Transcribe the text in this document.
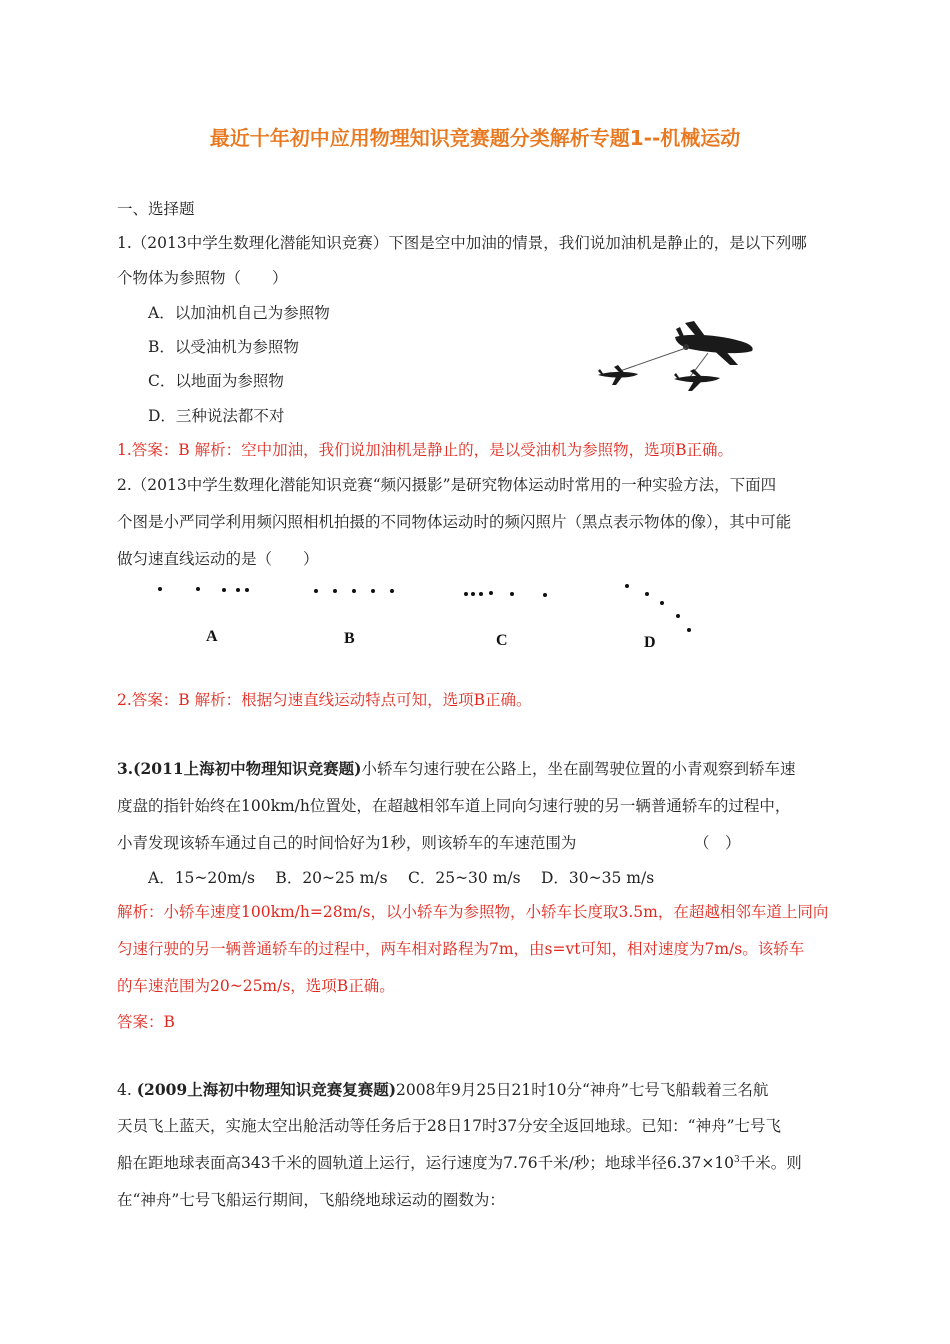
最近十年初中应用物理知识竞赛题分类解析专题1--机械运动
一、选择题
1.（2013中学生数理化潜能知识竞赛）下图是空中加油的情景，我们说加油机是静止的，是以下列哪
个物体为参照物（　　）
A．以加油机自己为参照物
B．以受油机为参照物
C．以地面为参照物
D．三种说法都不对
1.答案：B 解析：空中加油，我们说加油机是静止的，是以受油机为参照物，选项B正确。
2.（2013中学生数理化潜能知识竞赛“频闪摄影”是研究物体运动时常用的一种实验方法，下面四
个图是小严同学利用频闪照相机拍摄的不同物体运动时的频闪照片（黑点表示物体的像），其中可能
做匀速直线运动的是（　　）
A	B	C	D
2.答案：B 解析：根据匀速直线运动特点可知，选项B正确。
3.(2011上海初中物理知识竞赛题)小轿车匀速行驶在公路上，坐在副驾驶位置的小青观察到轿车速
度盘的指针始终在100km/h位置处，在超越相邻车道上同向匀速行驶的另一辆普通轿车的过程中，
小青发现该轿车通过自己的时间恰好为1秒，则该轿车的车速范围为	（　）
A．15~20m/s　 B．20~25 m/s　 C．25~30 m/s　 D．30~35 m/s
解析：小轿车速度100km/h=28m/s，以小轿车为参照物，小轿车长度取3.5m，在超越相邻车道上同向
匀速行驶的另一辆普通轿车的过程中，两车相对路程为7m，由s=vt可知，相对速度为7m/s。该轿车
的车速范围为20~25m/s，选项B正确。
答案：B
4. (2009上海初中物理知识竞赛复赛题)2008年9月25日21时10分“神舟”七号飞船载着三名航
天员飞上蓝天，实施太空出舱活动等任务后于28日17时37分安全返回地球。已知：“神舟”七号飞
船在距地球表面高343千米的圆轨道上运行，运行速度为7.76千米/秒；地球半径$6.37\times 10^3$千米。则
在“神舟”七号飞船运行期间，飞船绕地球运动的圈数为：
